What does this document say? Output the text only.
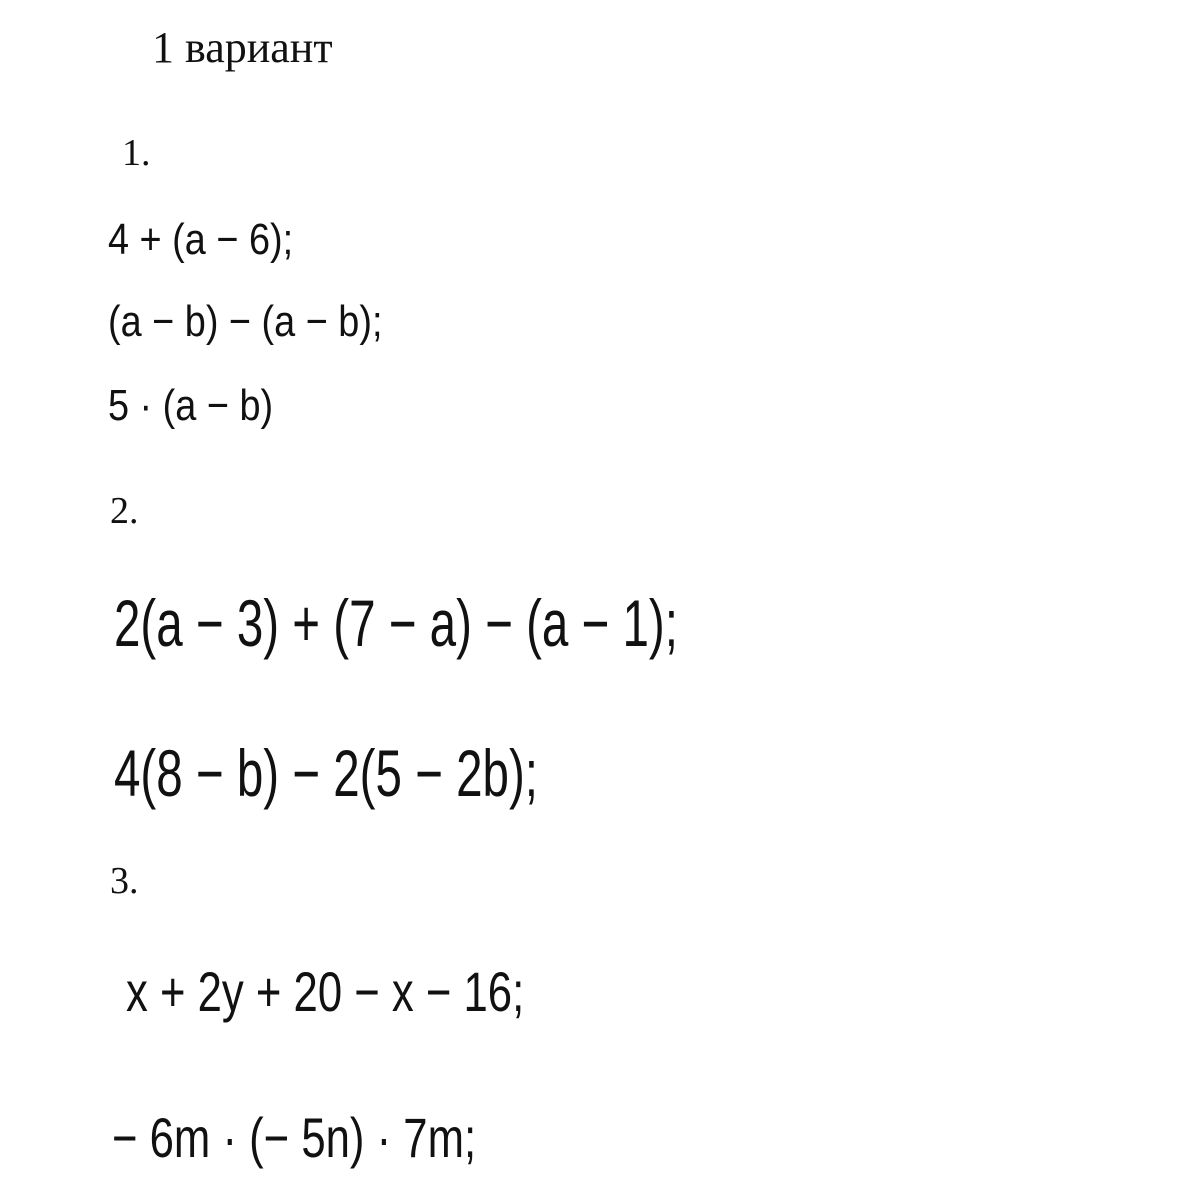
1 вариант
1.
4 + (a − 6);
(a − b) − (a − b);
5 · (a − b)
2.
2(a − 3) + (7 − a) − (a − 1);
4(8 − b) − 2(5 − 2b);
3.
x + 2y + 20 − x − 16;
− 6m · (− 5n) · 7m;
